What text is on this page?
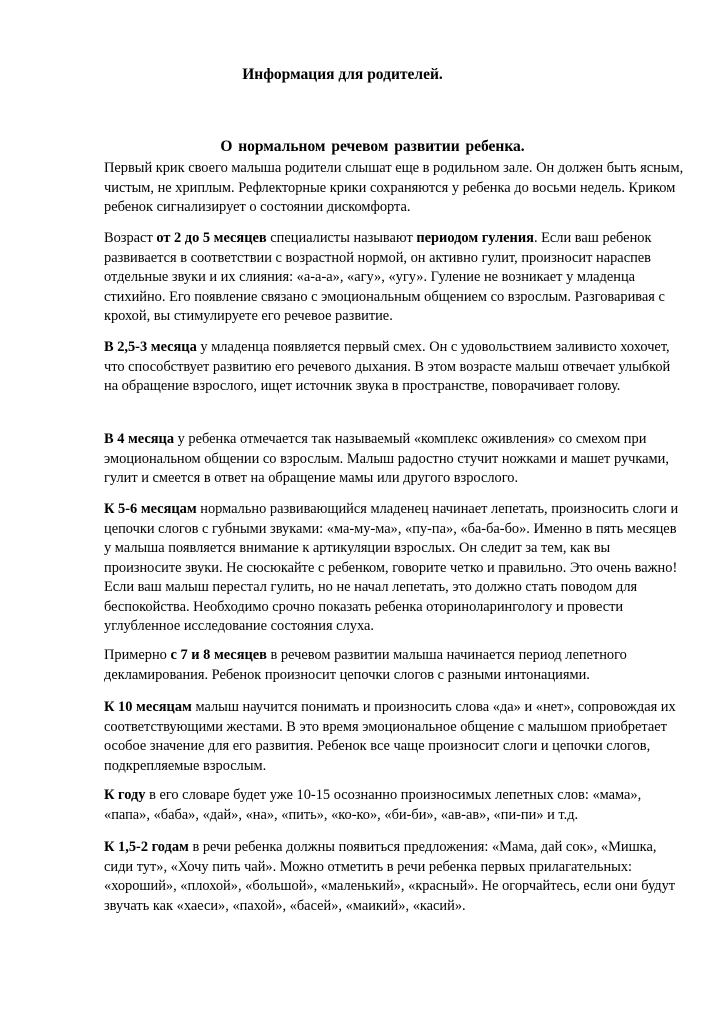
Информация для родителей.
О нормальном речевом развитии ребенка.

Первый крик своего малыша родители слышат еще в родильном зале. Он должен быть ясным, чистым, не хриплым. Рефлекторные крики сохраняются у ребенка до восьми недель. Криком ребенок сигнализирует о состоянии дискомфорта.

Возраст от 2 до 5 месяцев специалисты называют периодом гуления. Если ваш ребенок развивается в соответствии с возрастной нормой, он активно гулит, произносит нараспев отдельные звуки и их слияния: «а-а-а», «агу», «угу». Гуление не возникает у младенца стихийно. Его появление связано с эмоциональным общением со взрослым. Разговаривая с крохой, вы стимулируете его речевое развитие.

В 2,5-3 месяца у младенца появляется первый смех. Он с удовольствием заливисто хохочет, что способствует развитию его речевого дыхания. В этом возрасте малыш отвечает улыбкой на обращение взрослого, ищет источник звука в пространстве, поворачивает голову.

В 4 месяца у ребенка отмечается так называемый «комплекс оживления» со смехом при эмоциональном общении со взрослым. Малыш радостно стучит ножками и машет ручками, гулит и смеется в ответ на обращение мамы или другого взрослого.

К 5-6 месяцам нормально развивающийся младенец начинает лепетать, произносить слоги и цепочки слогов с губными звуками: «ма-му-ма», «пу-па», «ба-ба-бо». Именно в пять месяцев у малыша появляется внимание к артикуляции взрослых. Он следит за тем, как вы произносите звуки. Не сюсюкайте с ребенком, говорите четко и правильно. Это очень важно! Если ваш малыш перестал гулить, но не начал лепетать, это должно стать поводом для беспокойства. Необходимо срочно показать ребенка оториноларингологу и провести углубленное исследование состояния слуха.

Примерно с 7 и 8 месяцев в речевом развитии малыша начинается период лепетного декламирования. Ребенок произносит цепочки слогов с разными интонациями.

К 10 месяцам малыш научится понимать и произносить слова «да» и «нет», сопровождая их соответствующими жестами. В это время эмоциональное общение с малышом приобретает особое значение для его развития. Ребенок все чаще произносит слоги и цепочки слогов, подкрепляемые взрослым.

К году в его словаре будет уже 10-15 осознанно произносимых лепетных слов: «мама», «папа», «баба», «дай», «на», «пить», «ко-ко», «би-би», «ав-ав», «пи-пи» и т.д.

К 1,5-2 годам в речи ребенка должны появиться предложения: «Мама, дай сок», «Мишка, сиди тут», «Хочу пить чай». Можно отметить в речи ребенка первых прилагательных: «хороший», «плохой», «большой», «маленький», «красный». Не огорчайтесь, если они будут звучать как «хаеси», «пахой», «басей», «маикий», «касий».
